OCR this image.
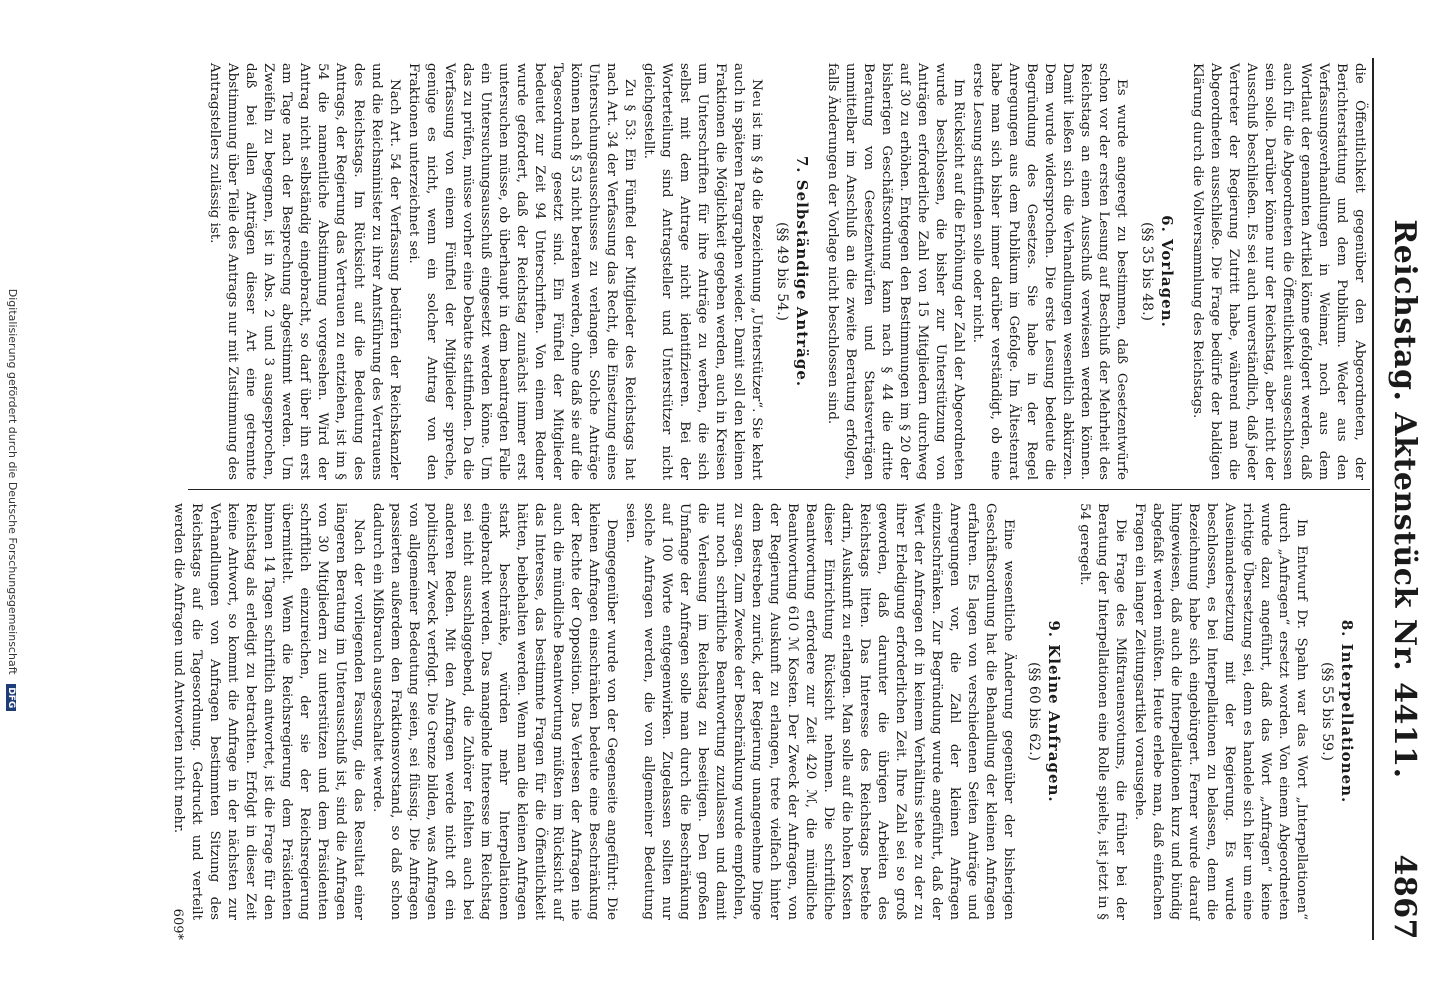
Reichstag. Aktenstück Nr. 4411.
4867

die Öffentlichkeit gegenüber den Abgeordneten, der Berichterstattung und dem Publikum. Weder aus den Verfassungsverhandlungen in Weimar, noch aus dem Wortlaut der genannten Artikel könne gefolgert werden, daß auch für die Abgeordneten die Öffentlichkeit ausgeschlossen sein solle. Darüber könne nur der Reichstag, aber nicht der Ausschuß beschließen. Es sei auch unverständlich, daß jeder Vertreter der Regierung Zutritt habe, während man die Abgeordneten ausschließe. Die Frage bedürfe der baldigen Klärung durch die Vollversammlung des Reichstags.

6. Vorlagen.
(§§ 35 bis 48.)

Es wurde angeregt zu bestimmen, daß Gesetzentwürfe schon vor der ersten Lesung auf Beschluß der Mehrheit des Reichstags an einen Ausschuß verwiesen werden können. Damit ließen sich die Verhandlungen wesentlich abkürzen. Dem wurde widersprochen. Die erste Lesung bedeute die Begründung des Gesetzes. Sie habe in der Regel Anregungen aus dem Publikum im Gefolge. Im Ältestenrat habe man sich bisher immer darüber verständigt, ob eine erste Lesung stattfinden solle oder nicht.

Im Rücksicht auf die Erhöhung der Zahl der Abgeordneten wurde beschlossen, die bisher zur Unterstützung von Anträgen erforderliche Zahl von 15 Mitgliedern durchweg auf 30 zu erhöhen. Entgegen den Bestimmungen im § 20 der bisherigen Geschäftsordnung kann nach § 44 die dritte Beratung von Gesetzentwürfen und Staatsverträgen unmittelbar im Anschluß an die zweite Beratung erfolgen, falls Änderungen der Vorlage nicht beschlossen sind.

7. Selbständige Anträge.
(§§ 49 bis 54.)

Neu ist im § 49 die Bezeichnung „Unterstützer“. Sie kehrt auch in späteren Paragraphen wieder. Damit soll den kleinen Fraktionen die Möglichkeit gegeben werden, auch in Kreisen um Unterschriften für ihre Anträge zu werben, die sich selbst mit dem Antrage nicht identifizieren. Bei der Worterteilung sind Antragsteller und Unterstützer nicht gleichgestellt.

Zu § 53: Ein Fünftel der Mitglieder des Reichstags hat nach Art. 34 der Verfassung das Recht, die Einsetzung eines Untersuchungsausschusses zu verlangen. Solche Anträge können nach § 53 nicht beraten werden, ohne daß sie auf die Tagesordnung gesetzt sind. Ein Fünftel der Mitglieder bedeutet zur Zeit 94 Unterschriften. Von einem Redner wurde gefordert, daß der Reichstag zunächst immer erst untersuchen müsse, ob überhaupt in dem beantragten Falle ein Untersuchungsausschuß eingesetzt werden könne. Um das zu prüfen, müsse vorher eine Debatte stattfinden. Da die Verfassung von einem Fünftel der Mitglieder spreche, genüge es nicht, wenn ein solcher Antrag von den Fraktionen unterzeichnet sei.

Nach Art. 54 der Verfassung bedürfen der Reichskanzler und die Reichsminister zu ihrer Amtsführung des Vertrauens des Reichstags. Im Rücksicht auf die Bedeutung des Antrags, der Regierung das Vertrauen zu entziehen, ist im § 54 die namentliche Abstimmung vorgesehen. Wird der Antrag nicht selbständig eingebracht, so darf über ihn erst am Tage nach der Besprechung abgestimmt werden. Um Zweifeln zu begegnen, ist in Abs. 2 und 3 ausgesprochen, daß bei allen Anträgen dieser Art eine getrennte Abstimmung über Teile des Antrags nur mit Zustimmung des Antragstellers zulässig ist.

8. Interpellationen.
(§§ 55 bis 59.)

Im Entwurf Dr. Spahn war das Wort „Interpellationen“ durch „Anfragen“ ersetzt worden. Von einem Abgeordneten wurde dazu angeführt, daß das Wort „Anfragen“ keine richtige Übersetzung sei, denn es handele sich hier um eine Auseinandersetzung mit der Regierung. Es wurde beschlossen, es bei Interpellationen zu belassen, denn die Bezeichnung habe sich eingebürgert. Ferner wurde darauf hingewiesen, daß auch die Interpellationen kurz und bündig abgefaßt werden müßten. Heute erlebe man, daß einfachen Fragen ein langer Zeitungsartikel vorausgehe.

Die Frage des Mißtrauensvotums, die früher bei der Beratung der Interpellationen eine Rolle spielte, ist jetzt in § 54 geregelt.

9. Kleine Anfragen.
(§§ 60 bis 62.)

Eine wesentliche Änderung gegenüber der bisherigen Geschäftsordnung hat die Behandlung der kleinen Anfragen erfahren. Es lagen von verschiedenen Seiten Anträge und Anregungen vor, die Zahl der kleinen Anfragen einzuschränken. Zur Begründung wurde angeführt, daß der Wert der Anfragen oft in keinem Verhältnis stehe zu der zu ihrer Erledigung erforderlichen Zeit. Ihre Zahl sei so groß geworden, daß darunter die übrigen Arbeiten des Reichstags litten. Das Interesse des Reichstags bestehe darin, Auskunft zu erlangen. Man solle auf die hohen Kosten dieser Einrichtung Rücksicht nehmen. Die schriftliche Beantwortung erfordere zur Zeit 420 ℳ, die mündliche Beantwortung 610 ℳ Kosten. Der Zweck der Anfragen, von der Regierung Auskunft zu erlangen, trete vielfach hinter dem Bestreben zurück, der Regierung unangenehme Dinge zu sagen. Zum Zwecke der Beschränkung wurde empfohlen, nur noch schriftliche Beantwortung zuzulassen und damit die Verlesung im Reichstag zu beseitigen. Den großen Umfange der Anfragen solle man durch die Beschränkung auf 100 Worte entgegenwirken. Zugelassen sollten nur solche Anfragen werden, die von allgemeiner Bedeutung seien.

Demgegenüber wurde von der Gegenseite angeführt: Die kleinen Anfragen einschränken bedeute eine Beschränkung der Rechte der Opposition. Das Verlesen der Anfragen nie auch die mündliche Beantwortung müßten im Rücksicht auf das Interesse, das bestimmte Fragen für die Öffentlichkeit hätten, beibehalten werden. Wenn man die kleinen Anfragen stark beschränke, würden mehr Interpellationen eingebracht werden. Das mangelnde Interesse im Reichstag sei nicht ausschlaggebend, die Zuhörer fehlten auch bei anderen Reden. Mit den Anfragen werde nicht oft ein politischer Zweck verfolgt. Die Grenze bilden, was Anfragen von allgemeiner Bedeutung seien, sei flüssig. Die Anfragen passierten außerdem den Fraktionsvorstand, so daß schon dadurch ein Mißbrauch ausgeschaltet werde.

Nach der vorliegenden Fassung, die das Resultat einer längeren Beratung im Unterausschuß ist, sind die Anfragen von 30 Mitgliedern zu unterstützen und dem Präsidenten schriftlich einzureichen, der sie der Reichsregierung übermittelt. Wenn die Reichsregierung dem Präsidenten binnen 14 Tagen schriftlich antwortet, ist die Frage für den Reichstag als erledigt zu betrachten. Erfolgt in dieser Zeit keine Antwort, so kommt die Anfrage in der nächsten zur Verhandlungen von Anfragen bestimmten Sitzung des Reichstags auf die Tagesordnung. Gedruckt und verteilt werden die Anfragen und Antworten nicht mehr.

609*
Digitalisierung gefördert durch die Deutsche Forschungsgemeinschaft DFG
